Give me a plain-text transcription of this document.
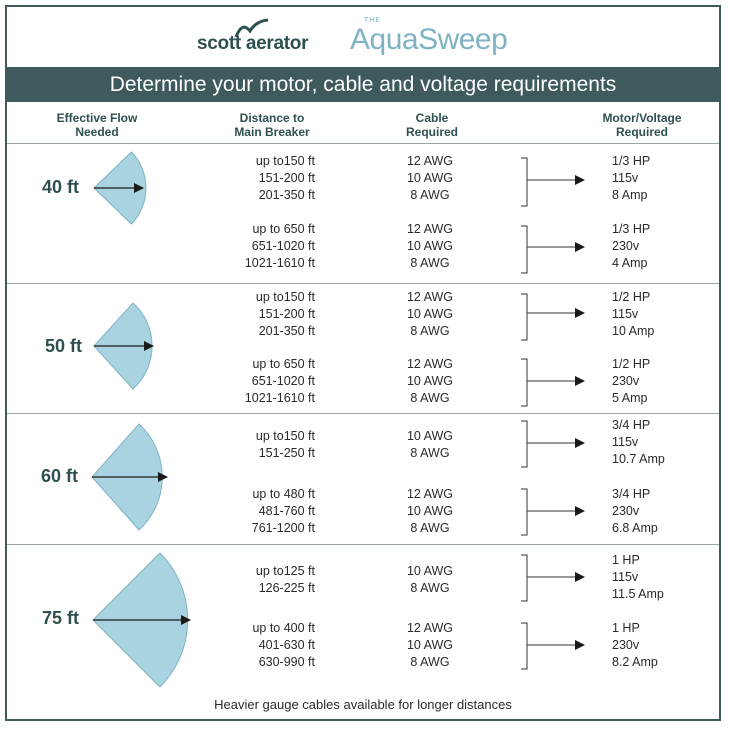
scott aerator
THE
AquaSweep
Determine your motor, cable and voltage requirements
Effective Flow
Needed
Distance to
Main Breaker
Cable
Required
Motor/Voltage
Required
40 ft
up to150 ft
151-200 ft
201-350 ft
12 AWG
10 AWG
8 AWG
1/3 HP
115v
8 Amp
up to 650 ft
651-1020 ft
1021-1610 ft
12 AWG
10 AWG
8 AWG
1/3 HP
230v
4 Amp
50 ft
up to150 ft
151-200 ft
201-350 ft
12 AWG
10 AWG
8 AWG
1/2 HP
115v
10 Amp
up to 650 ft
651-1020 ft
1021-1610 ft
12 AWG
10 AWG
8 AWG
1/2 HP
230v
5 Amp
60 ft
up to150 ft
151-250 ft
10 AWG
8 AWG
3/4 HP
115v
10.7 Amp
up to 480 ft
481-760 ft
761-1200 ft
12 AWG
10 AWG
8 AWG
3/4 HP
230v
6.8 Amp
75 ft
up to125 ft
126-225 ft
10 AWG
8 AWG
1 HP
115v
11.5 Amp
up to 400 ft
401-630 ft
630-990 ft
12 AWG
10 AWG
8 AWG
1 HP
230v
8.2 Amp
Heavier gauge cables available for longer distances
